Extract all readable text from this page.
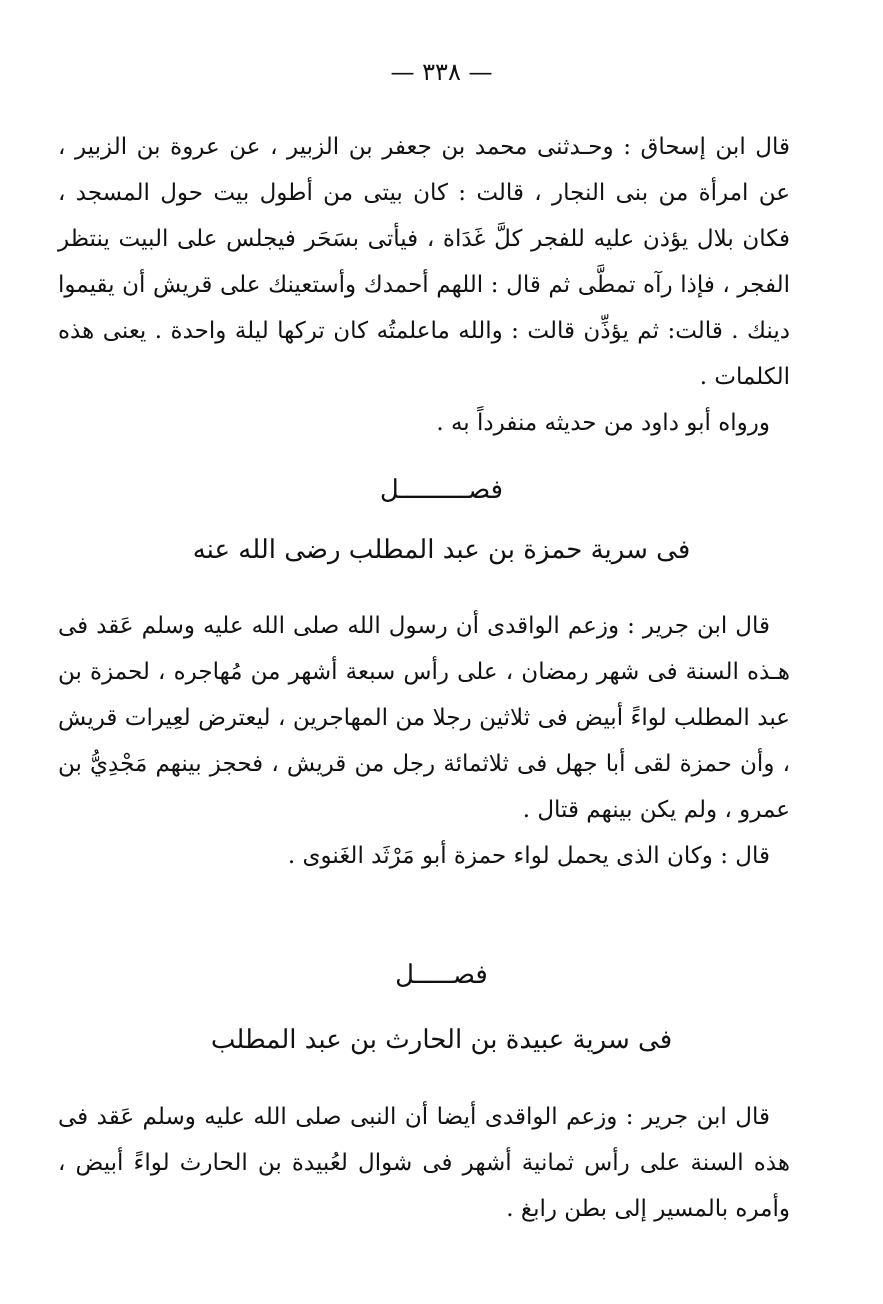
— ٣٣٨ —

قال ابن إسحاق : وحـدثنى محمد بن جعفر بن الزبير ، عن عروة بن الزبير ، عن امرأة من بنى النجار ، قالت : كان بيتى من أطول بيت حول المسجد ، فكان بلال يؤذن عليه للفجر كلَّ غَدَاة ، فيأتى بسَحَر فيجلس على البيت ينتظر الفجر ، فإذا رآه تمطَّى ثم قال : اللهم أحمدك وأستعينك على قريش أن يقيموا دينك . قالت: ثم يؤذِّن قالت : والله ماعلمتُه كان تركها ليلة واحدة . يعنى هذه الكلمات .

ورواه أبو داود من حديثه منفرداً به .

فصـــــــــل
فى سرية حمزة بن عبد المطلب رضى الله عنه

قال ابن جرير : وزعم الواقدى أن رسول الله صلى الله عليه وسلم عَقد فى هـذه السنة فى شهر رمضان ، على رأس سبعة أشهر من مُهاجره ، لحمزة بن عبد المطلب لواءً أبيض فى ثلاثين رجلا من المهاجرين ، ليعترض لعِيرات قريش ، وأن حمزة لقى أبا جهل فى ثلاثمائة رجل من قريش ، فحجز بينهم مَجْدِيُّ بن عمرو ، ولم يكن بينهم قتال .

قال : وكان الذى يحمل لواء حمزة أبو مَرْثَد الغَنوى .

فصـــــل
فى سرية عبيدة بن الحارث بن عبد المطلب

قال ابن جرير : وزعم الواقدى أيضا أن النبى صلى الله عليه وسلم عَقد فى هذه السنة على رأس ثمانية أشهر فى شوال لعُبيدة بن الحارث لواءً أبيض ، وأمره بالمسير إلى بطن رابغ .
